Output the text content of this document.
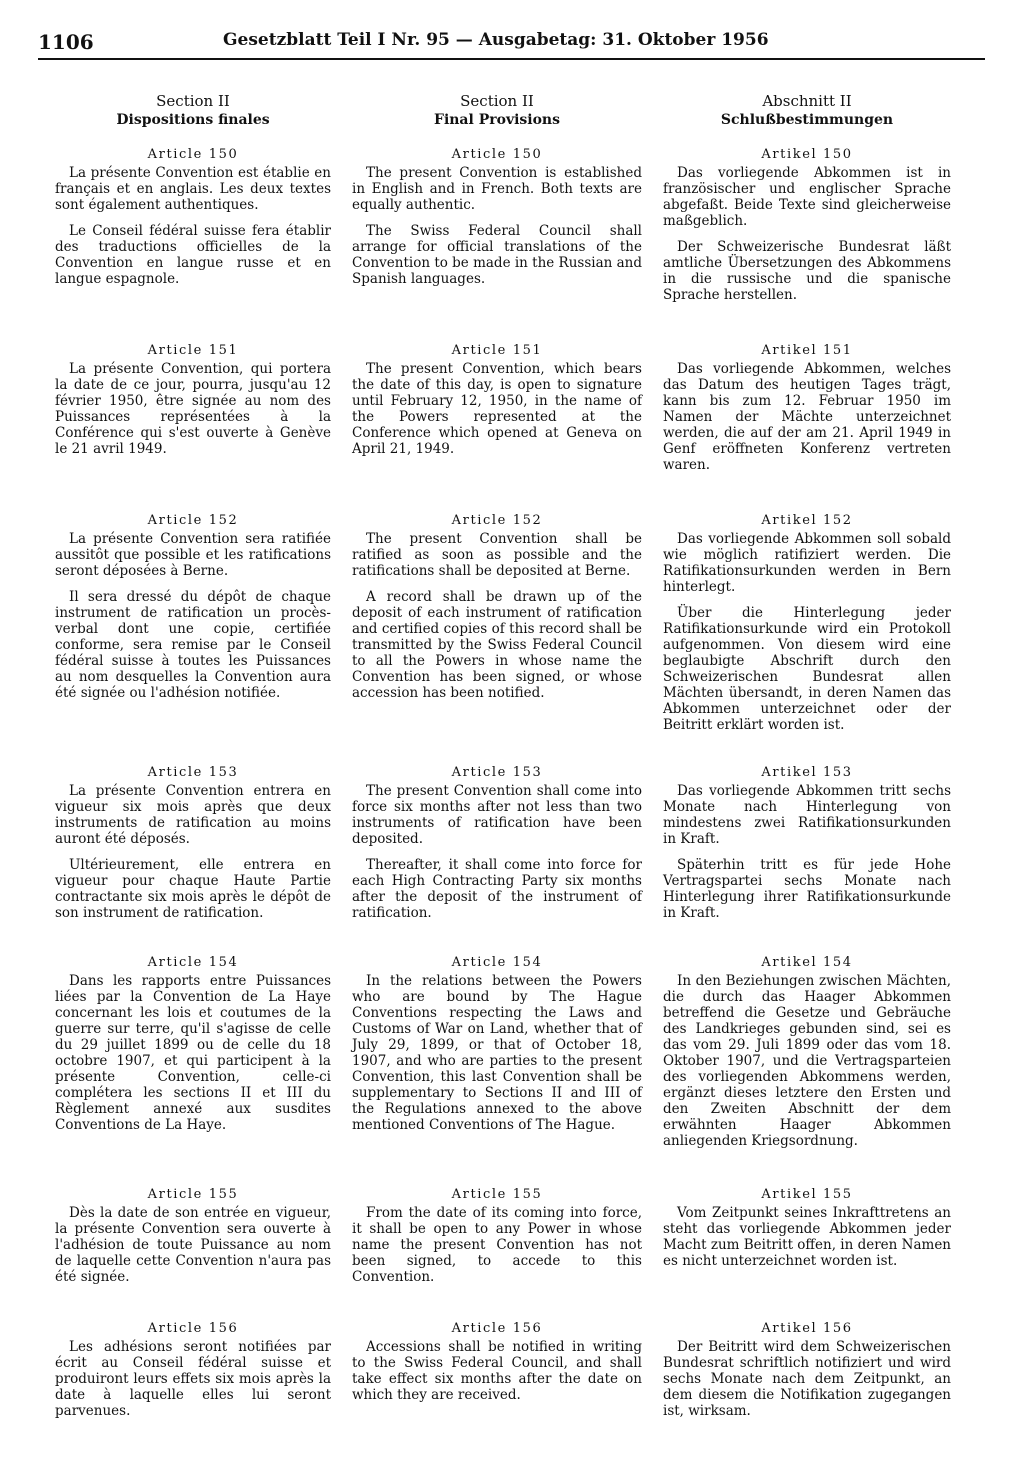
1106	Gesetzblatt Teil I Nr. 95 — Ausgabetag: 31. Oktober 1956
Section II
Dispositions finales
Article 150

La présente Convention est établie en français et en anglais. Les deux textes sont également authentiques.

Le Conseil fédéral suisse fera établir des traductions officielles de la Convention en langue russe et en langue espagnole.

Article 151

La présente Convention, qui portera la date de ce jour, pourra, jusqu'au 12 février 1950, être signée au nom des Puissances représentées à la Conférence qui s'est ouverte à Genève le 21 avril 1949.

Article 152

La présente Convention sera ratifiée aussitôt que possible et les ratifications seront déposées à Berne.

Il sera dressé du dépôt de chaque instrument de ratification un procès-verbal dont une copie, certifiée conforme, sera remise par le Conseil fédéral suisse à toutes les Puissances au nom desquelles la Convention aura été signée ou l'adhésion notifiée.

Article 153

La présente Convention entrera en vigueur six mois après que deux instruments de ratification au moins auront été déposés.

Ultérieurement, elle entrera en vigueur pour chaque Haute Partie contractante six mois après le dépôt de son instrument de ratification.

Article 154

Dans les rapports entre Puissances liées par la Convention de La Haye concernant les lois et coutumes de la guerre sur terre, qu'il s'agisse de celle du 29 juillet 1899 ou de celle du 18 octobre 1907, et qui participent à la présente Convention, celle-ci complétera les sections II et III du Règlement annexé aux susdites Conventions de La Haye.

Article 155

Dès la date de son entrée en vigueur, la présente Convention sera ouverte à l'adhésion de toute Puissance au nom de laquelle cette Convention n'aura pas été signée.

Article 156

Les adhésions seront notifiées par écrit au Conseil fédéral suisse et produiront leurs effets six mois après la date à laquelle elles lui seront parvenues.

Section II
Final Provisions
Article 150

The present Convention is established in English and in French. Both texts are equally authentic.

The Swiss Federal Council shall arrange for official translations of the Convention to be made in the Russian and Spanish languages.

Article 151

The present Convention, which bears the date of this day, is open to signature until February 12, 1950, in the name of the Powers represented at the Conference which opened at Geneva on April 21, 1949.

Article 152

The present Convention shall be ratified as soon as possible and the ratifications shall be deposited at Berne.

A record shall be drawn up of the deposit of each instrument of ratification and certified copies of this record shall be transmitted by the Swiss Federal Council to all the Powers in whose name the Convention has been signed, or whose accession has been notified.

Article 153

The present Convention shall come into force six months after not less than two instruments of ratification have been deposited.

Thereafter, it shall come into force for each High Contracting Party six months after the deposit of the instrument of ratification.

Article 154

In the relations between the Powers who are bound by The Hague Conventions respecting the Laws and Customs of War on Land, whether that of July 29, 1899, or that of October 18, 1907, and who are parties to the present Convention, this last Convention shall be supplementary to Sections II and III of the Regulations annexed to the above mentioned Conventions of The Hague.

Article 155

From the date of its coming into force, it shall be open to any Power in whose name the present Convention has not been signed, to accede to this Convention.

Article 156

Accessions shall be notified in writing to the Swiss Federal Council, and shall take effect six months after the date on which they are received.

Abschnitt II
Schlußbestimmungen
Artikel 150

Das vorliegende Abkommen ist in französischer und englischer Sprache abgefaßt. Beide Texte sind gleicherweise maßgeblich.

Der Schweizerische Bundesrat läßt amtliche Übersetzungen des Abkommens in die russische und die spanische Sprache herstellen.

Artikel 151

Das vorliegende Abkommen, welches das Datum des heutigen Tages trägt, kann bis zum 12. Februar 1950 im Namen der Mächte unterzeichnet werden, die auf der am 21. April 1949 in Genf eröffneten Konferenz vertreten waren.

Artikel 152

Das vorliegende Abkommen soll sobald wie möglich ratifiziert werden. Die Ratifikationsurkunden werden in Bern hinterlegt.

Über die Hinterlegung jeder Ratifikationsurkunde wird ein Protokoll aufgenommen. Von diesem wird eine beglaubigte Abschrift durch den Schweizerischen Bundesrat allen Mächten übersandt, in deren Namen das Abkommen unterzeichnet oder der Beitritt erklärt worden ist.

Artikel 153

Das vorliegende Abkommen tritt sechs Monate nach Hinterlegung von mindestens zwei Ratifikationsurkunden in Kraft.

Späterhin tritt es für jede Hohe Vertragspartei sechs Monate nach Hinterlegung ihrer Ratifikationsurkunde in Kraft.

Artikel 154

In den Beziehungen zwischen Mächten, die durch das Haager Abkommen betreffend die Gesetze und Gebräuche des Landkrieges gebunden sind, sei es das vom 29. Juli 1899 oder das vom 18. Oktober 1907, und die Vertragsparteien des vorliegenden Abkommens werden, ergänzt dieses letztere den Ersten und den Zweiten Abschnitt der dem erwähnten Haager Abkommen anliegenden Kriegsordnung.

Artikel 155

Vom Zeitpunkt seines Inkrafttretens an steht das vorliegende Abkommen jeder Macht zum Beitritt offen, in deren Namen es nicht unterzeichnet worden ist.

Artikel 156

Der Beitritt wird dem Schweizerischen Bundesrat schriftlich notifiziert und wird sechs Monate nach dem Zeitpunkt, an dem diesem die Notifikation zugegangen ist, wirksam.
